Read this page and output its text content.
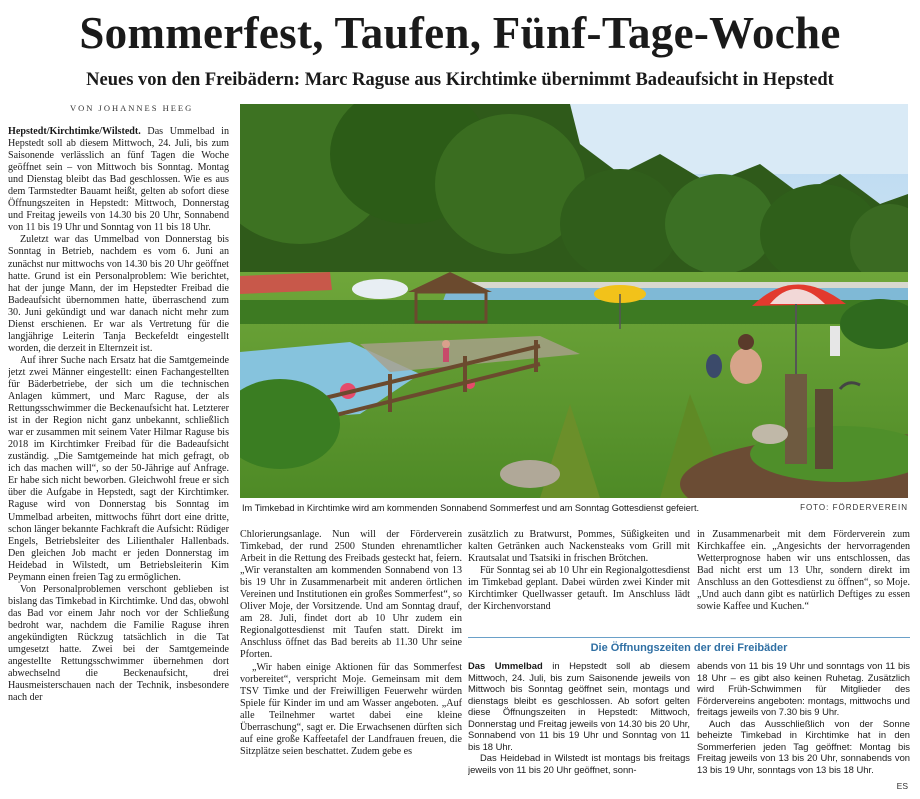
Sommerfest, Taufen, Fünf-Tage-Woche
Neues von den Freibädern: Marc Raguse aus Kirchtimke übernimmt Badeaufsicht in Hepstedt
VON JOHANNES HEEG

Hepstedt/Kirchtimke/Wilstedt. Das Ummelbad in Hepstedt soll ab diesem Mittwoch, 24. Juli, bis zum Saisonende verlässlich an fünf Tagen die Woche geöffnet sein – von Mittwoch bis Sonntag. Montag und Dienstag bleibt das Bad geschlossen. Wie es aus dem Tarmstedter Bauamt heißt, gelten ab sofort diese Öffnungszeiten in Hepstedt: Mittwoch, Donnerstag und Freitag jeweils von 14.30 bis 20 Uhr, Sonnabend von 11 bis 19 Uhr und Sonntag von 11 bis 18 Uhr.

Zuletzt war das Ummelbad von Donnerstag bis Sonntag in Betrieb, nachdem es vom 6. Juni an zunächst nur mittwochs von 14.30 bis 20 Uhr geöffnet hatte. Grund ist ein Personalproblem: Wie berichtet, hat der junge Mann, der im Hepstedter Freibad die Badeaufsicht übernommen hatte, überraschend zum 30. Juni gekündigt und war danach nicht mehr zum Dienst erschienen. Er war als Vertretung für die langjährige Leiterin Tanja Beckefeldt eingestellt worden, die derzeit in Elternzeit ist.

Auf ihrer Suche nach Ersatz hat die Samtgemeinde jetzt zwei Männer eingestellt: einen Fachangestellten für Bäderbetriebe, der sich um die technischen Anlagen kümmert, und Marc Raguse, der als Rettungsschwimmer die Beckenaufsicht hat. Letzterer ist in der Region nicht ganz unbekannt, schließlich war er zusammen mit seinem Vater Hilmar Raguse bis 2018 im Kirchtimker Freibad für die Badeaufsicht zuständig. „Die Samtgemeinde hat mich gefragt, ob ich das machen will“, so der 50-Jährige auf Anfrage. Er habe sich nicht beworben. Gleichwohl freue er sich über die Aufgabe in Hepstedt, sagt der Kirchtimker. Raguse wird von Donnerstag bis Sonntag im Ummelbad arbeiten, mittwochs führt dort eine dritte, schon länger bekannte Fachkraft die Aufsicht: Rüdiger Engels, Betriebsleiter des Lilienthaler Hallenbads. Den gleichen Job macht er jeden Donnerstag im Heidebad in Wilstedt, um Betriebsleiterin Kim Peymann einen freien Tag zu ermöglichen.

Von Personalproblemen verschont geblieben ist bislang das Timkebad in Kirchtimke. Und das, obwohl das Bad vor einem Jahr noch vor der Schließung bedroht war, nachdem die Familie Raguse ihren angekündigten Rückzug tatsächlich in die Tat umgesetzt hatte. Zwei bei der Samtgemeinde angestellte Rettungsschwimmer übernehmen dort abwechselnd die Beckenaufsicht, drei Hausmeisterschauen nach der Technik, insbesondere nach der

Im Timkebad in Kirchtimke wird am kommenden Sonnabend Sommerfest und am Sonntag Gottesdienst gefeiert.	FOTO: FÖRDERVEREIN

Chlorierungsanlage. Nun will der Förderverein Timkebad, der rund 2500 Stunden ehrenamtlicher Arbeit in die Rettung des Freibads gesteckt hat, feiern. „Wir veranstalten am kommenden Sonnabend von 13 bis 19 Uhr in Zusammenarbeit mit anderen örtlichen Vereinen und Institutionen ein großes Sommerfest“, so Oliver Moje, der Vorsitzende. Und am Sonntag drauf, am 28. Juli, findet dort ab 10 Uhr zudem ein Regionalgottesdienst mit Taufen statt. Direkt im Anschluss öffnet das Bad bereits ab 11.30 Uhr seine Pforten.

„Wir haben einige Aktionen für das Sommerfest vorbereitet“, verspricht Moje. Gemeinsam mit dem TSV Timke und der Freiwilligen Feuerwehr würden Spiele für Kinder im und am Wasser angeboten. „Auf alle Teilnehmer wartet dabei eine kleine Überraschung“, sagt er. Die Erwachsenen dürften sich auf eine große Kaffeetafel der Landfrauen freuen, die Sitzplätze seien beschattet. Zudem gebe es

zusätzlich zu Bratwurst, Pommes, Süßigkeiten und kalten Getränken auch Nackensteaks vom Grill mit Krautsalat und Tsatsiki in frischen Brötchen.

Für Sonntag sei ab 10 Uhr ein Regionalgottesdienst im Timkebad geplant. Dabei würden zwei Kinder mit Kirchtimker Quellwasser getauft. Im Anschluss lädt der Kirchenvorstand

in Zusammenarbeit mit dem Förderverein zum Kirchkaffee ein. „Angesichts der hervorragenden Wetterprognose haben wir uns entschlossen, das Bad nicht erst um 13 Uhr, sondern direkt im Anschluss an den Gottesdienst zu öffnen“, so Moje. „Und auch dann gibt es natürlich Deftiges zu essen sowie Kaffee und Kuchen.“

Die Öffnungszeiten der drei Freibäder

Das Ummelbad in Hepstedt soll ab diesem Mittwoch, 24. Juli, bis zum Saisonende jeweils von Mittwoch bis Sonntag geöffnet sein, montags und dienstags bleibt es geschlossen. Ab sofort gelten diese Öffnungszeiten in Hepstedt: Mittwoch, Donnerstag und Freitag jeweils von 14.30 bis 20 Uhr, Sonnabend von 11 bis 19 Uhr und Sonntag von 11 bis 18 Uhr.

Das Heidebad in Wilstedt ist montags bis freitags jeweils von 11 bis 20 Uhr geöffnet, sonn-

abends von 11 bis 19 Uhr und sonntags von 11 bis 18 Uhr – es gibt also keinen Ruhetag. Zusätzlich wird Früh-Schwimmen für Mitglieder des Fördervereins angeboten: montags, mittwochs und freitags jeweils von 7.30 bis 9 Uhr.

Auch das Ausschließlich von der Sonne beheizte Timkebad in Kirchtimke hat in den Sommerferien jeden Tag geöffnet: Montag bis Freitag jeweils von 13 bis 20 Uhr, sonnabends von 13 bis 19 Uhr, sonntags von 13 bis 18 Uhr.

ES
